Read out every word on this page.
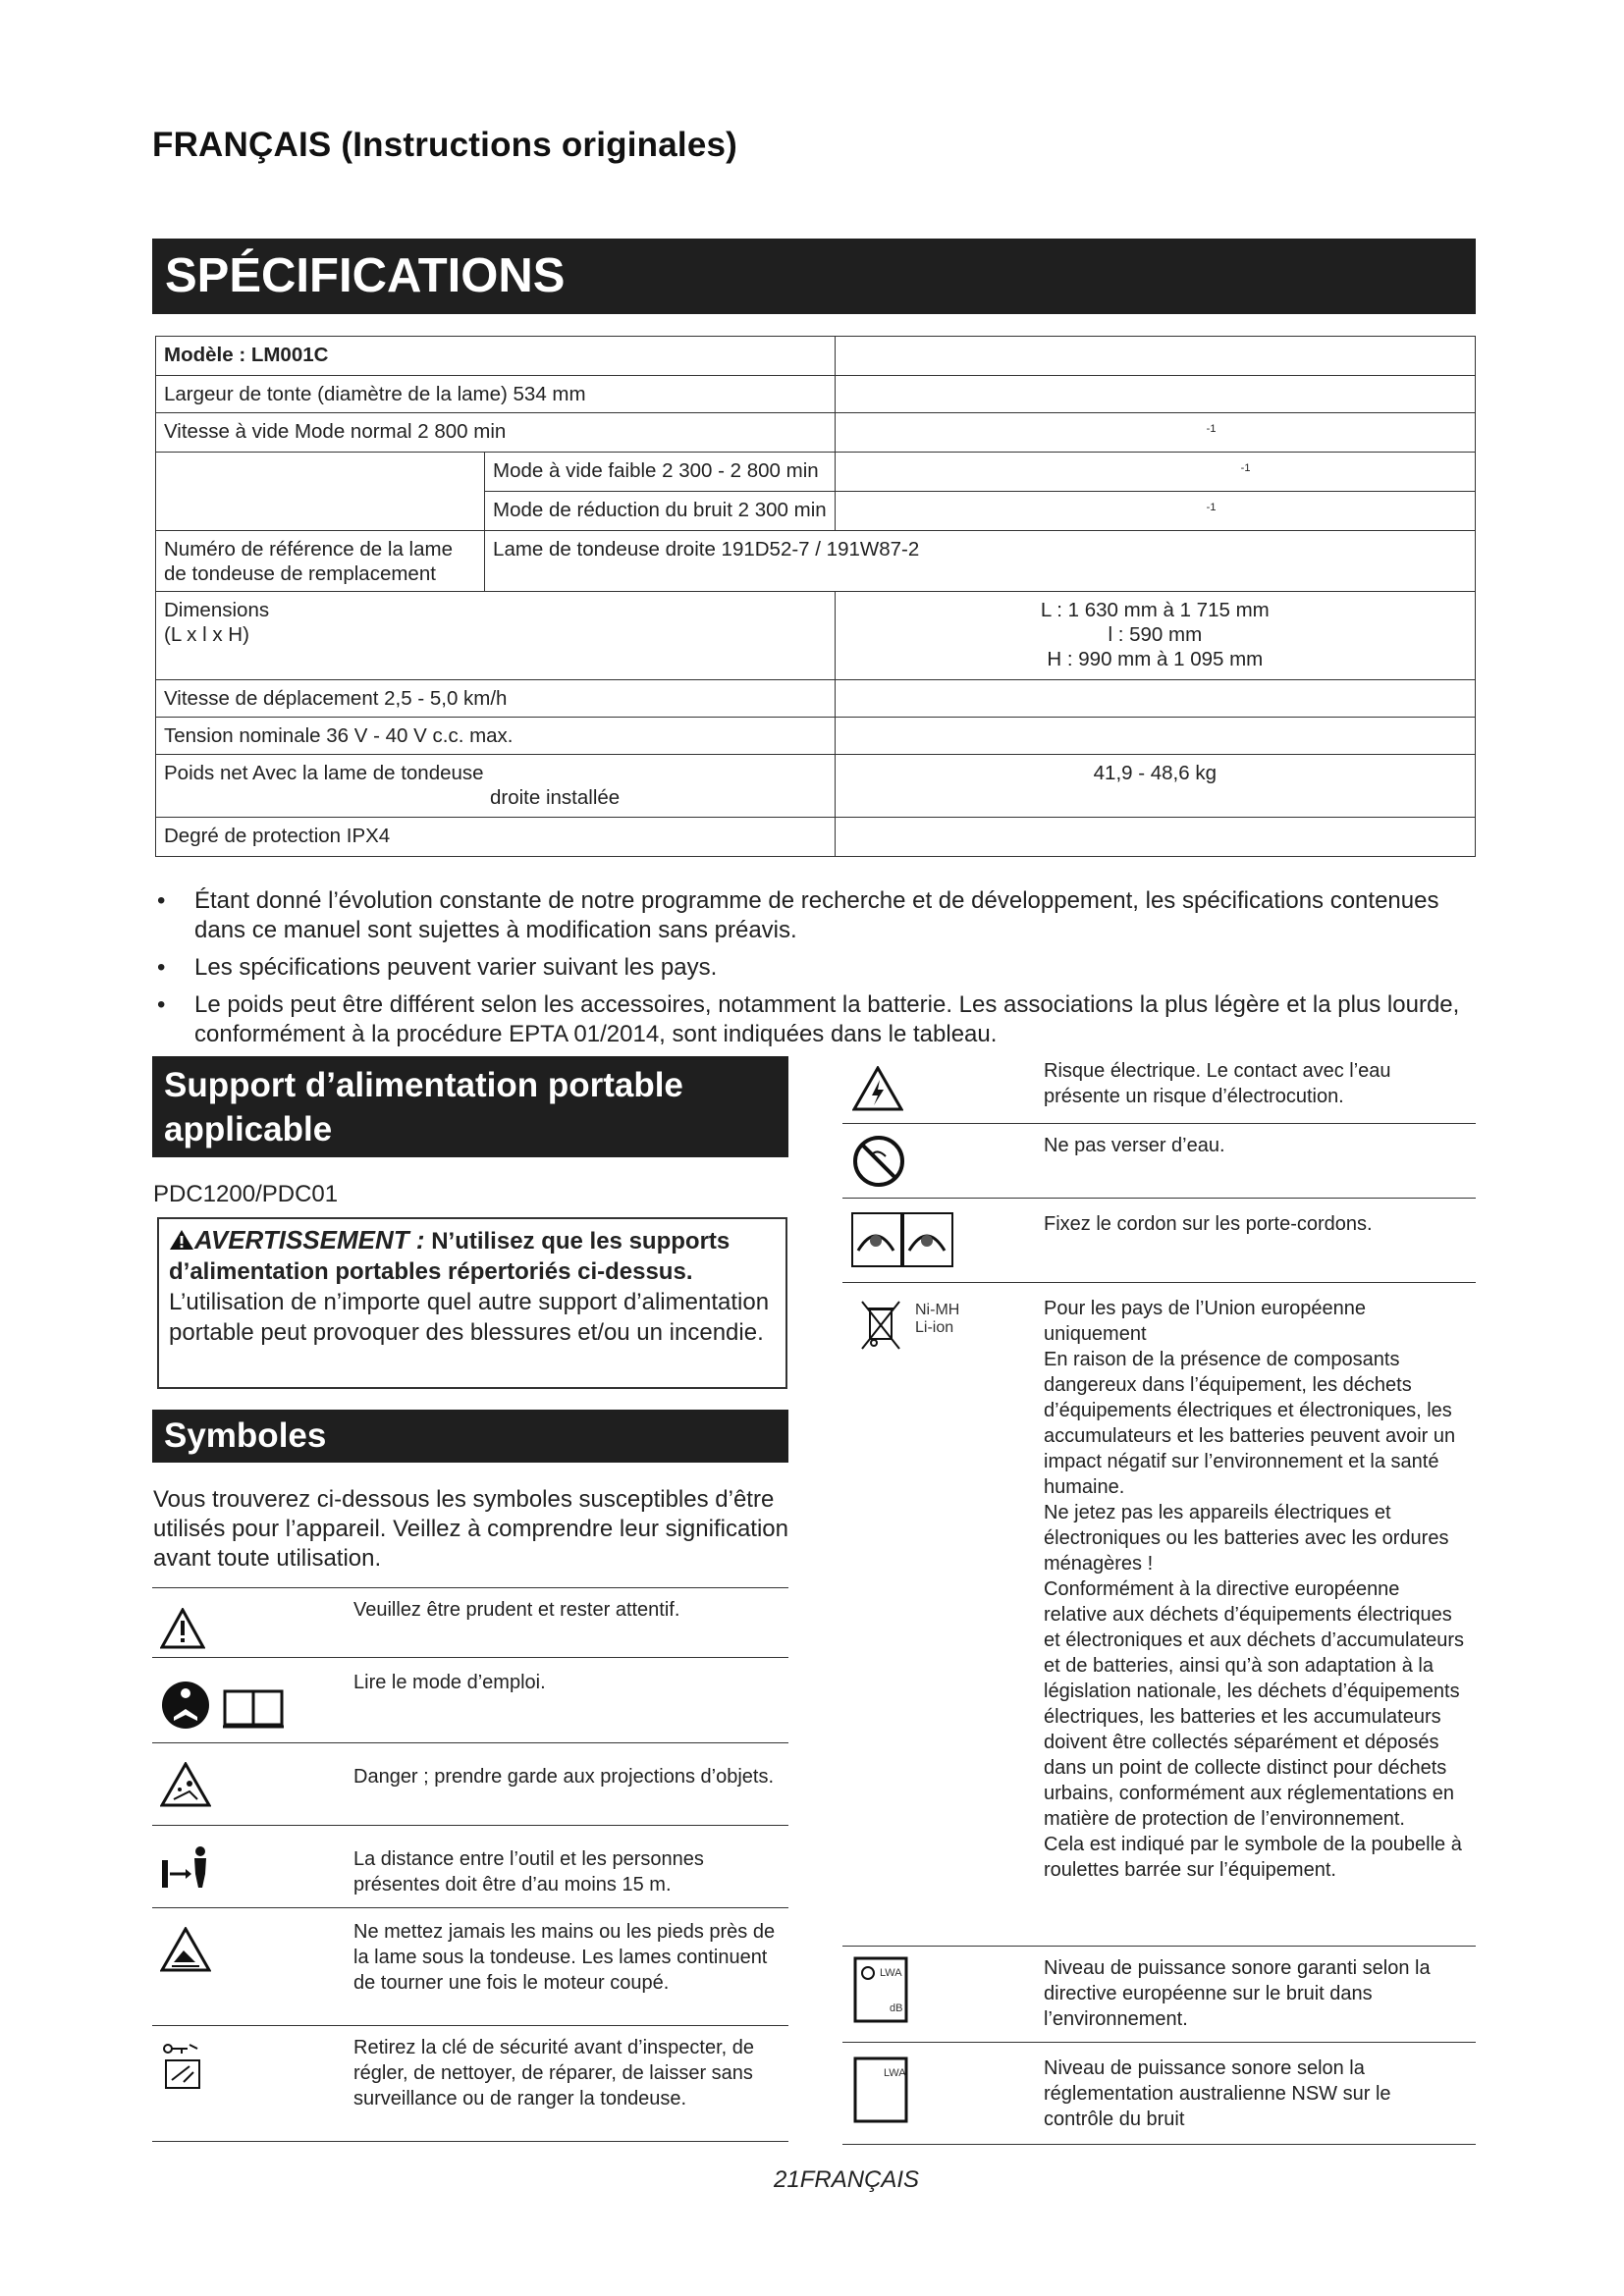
FRANÇAIS (Instructions originales)
SPÉCIFICATIONS
Modèle : LM001C		
Largeur de tonte (diamètre de la lame) 534 mm		
Vitesse à vide Mode normal 2 800 min		-1

	Mode à vide faible 2 300 - 2 800 min	-1

	Mode de réduction du bruit 2 300 min	-1

Numéro de référence de la lame de tondeuse de remplacement	Lame de tondeuse droite 191D52-7 / 191W87-2	

Dimensions (L x l x H)		L : 1 630 mm à 1 715 mm
l : 590 mm
H : 990 mm à 1 095 mm

Vitesse de déplacement 2,5 - 5,0 km/h		
Tension nominale 36 V - 40 V c.c. max.		

Poids net Avec la lame de tondeuse
droite installée		41,9 - 48,6 kg
Degré de protection IPX4		
• Étant donné l’évolution constante de notre programme de recherche et de développement, les spécifications contenues dans ce manuel sont sujettes à modification sans préavis.
• Les spécifications peuvent varier suivant les pays.
• Le poids peut être différent selon les accessoires, notamment la batterie. Les associations la plus légère et la plus lourde, conformément à la procédure EPTA 01/2014, sont indiquées dans le tableau.
Support d’alimentation portable applicable
PDC1200/PDC01
AVERTISSEMENT : N’utilisez que les supports d’alimentation portables répertoriés ci-dessus. L’utilisation de n’importe quel autre support d’alimentation portable peut provoquer des blessures et/ou un incendie.
Symboles
Vous trouverez ci-dessous les symboles susceptibles d’être utilisés pour l’appareil. Veillez à comprendre leur signification avant toute utilisation.
Veuillez être prudent et rester attentif.
Lire le mode d’emploi.
Danger ; prendre garde aux projections d’objets.
La distance entre l’outil et les personnes présentes doit être d’au moins 15 m.
Ne mettez jamais les mains ou les pieds près de la lame sous la tondeuse. Les lames continuent de tourner une fois le moteur coupé.
Retirez la clé de sécurité avant d’inspecter, de régler, de nettoyer, de réparer, de laisser sans surveillance ou de ranger la tondeuse.
Risque électrique. Le contact avec l’eau présente un risque d’électrocution.
Ne pas verser d’eau.
Fixez le cordon sur les porte-cordons.
Ni-MH
Li-ion
Pour les pays de l’Union européenne uniquement
En raison de la présence de composants dangereux dans l’équipement, les déchets d’équipements électriques et électroniques, les accumulateurs et les batteries peuvent avoir un impact négatif sur l’environnement et la santé humaine.
Ne jetez pas les appareils électriques et électroniques ou les batteries avec les ordures ménagères !
Conformément à la directive européenne relative aux déchets d’équipements électriques et électroniques et aux déchets d’accumulateurs et de batteries, ainsi qu’à son adaptation à la législation nationale, les déchets d’équipements électriques, les batteries et les accumulateurs doivent être collectés séparément et déposés dans un point de collecte distinct pour déchets urbains, conformément aux réglementations en matière de protection de l’environnement.
Cela est indiqué par le symbole de la poubelle à roulettes barrée sur l’équipement.
LWA
dB
Niveau de puissance sonore garanti selon la directive européenne sur le bruit dans l’environnement.
LWA	Niveau de puissance sonore selon la réglementation australienne NSW sur le contrôle du bruit
21FRANÇAIS
